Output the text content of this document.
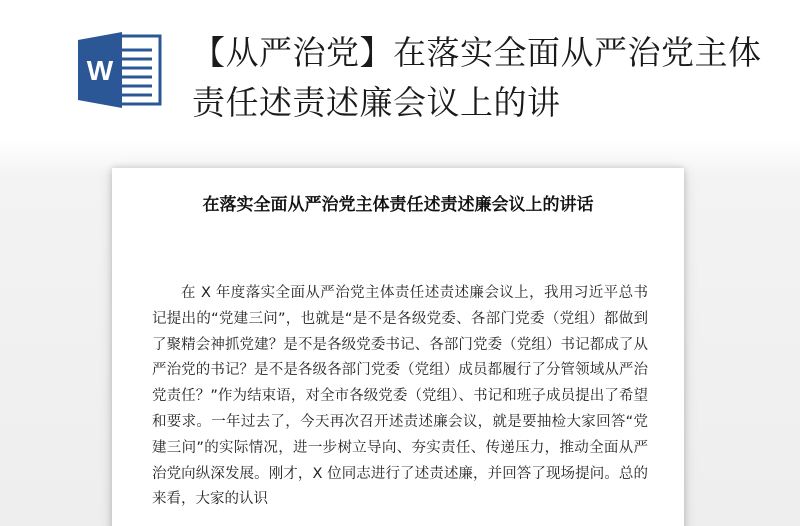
W 【从严治党】在落实全面从严治党主体责任述责述廉会议上的讲
在落实全面从严治党主体责任述责述廉会议上的讲话
在 X 年度落实全面从严治党主体责任述责述廉会议上，我用习近平总书记提出的“党建三问”，也就是“是不是各级党委、各部门党委（党组）都做到了聚精会神抓党建？是不是各级党委书记、各部门党委（党组）书记都成了从严治党的书记？是不是各级各部门党委（党组）成员都履行了分管领域从严治党责任？”作为结束语，对全市各级党委（党组）、书记和班子成员提出了希望和要求。一年过去了，今天再次召开述责述廉会议，就是要抽检大家回答“党建三问”的实际情况，进一步树立导向、夯实责任、传递压力，推动全面从严治党向纵深发展。刚才，X 位同志进行了述责述廉，并回答了现场提问。总的来看，大家的认识
